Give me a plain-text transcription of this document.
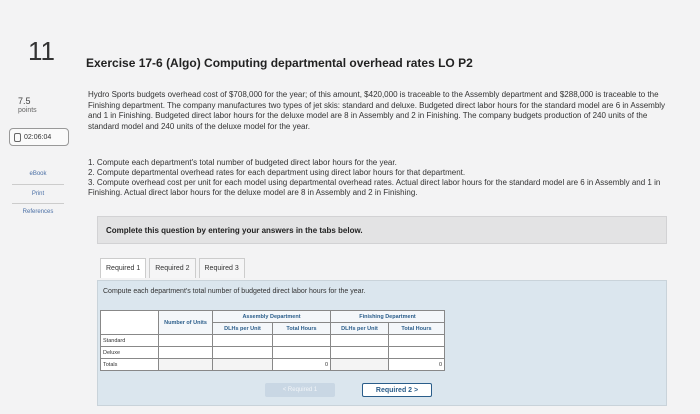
11
7.5
points
02:06:04
eBook
Print
References
Exercise 17-6 (Algo) Computing departmental overhead rates LO P2
Hydro Sports budgets overhead cost of $708,000 for the year; of this amount, $420,000 is traceable to the Assembly department and $288,000 is traceable to the Finishing department. The company manufactures two types of jet skis: standard and deluxe. Budgeted direct labor hours for the standard model are 6 in Assembly and 1 in Finishing. Budgeted direct labor hours for the deluxe model are 8 in Assembly and 2 in Finishing. The company budgets production of 240 units of the standard model and 240 units of the deluxe model for the year.
1. Compute each department's total number of budgeted direct labor hours for the year.
2. Compute departmental overhead rates for each department using direct labor hours for that department.
3. Compute overhead cost per unit for each model using departmental overhead rates. Actual direct labor hours for the standard model are 6 in Assembly and 1 in Finishing. Actual direct labor hours for the deluxe model are 8 in Assembly and 2 in Finishing.
Complete this question by entering your answers in the tabs below.
Required 1	Required 2	Required 3
Compute each department's total number of budgeted direct labor hours for the year.
	Number of Units	Assembly Department		Finishing Department	
		DLHs per Unit	Total Hours	DLHs per Unit	Total Hours
Standard					
Deluxe					
Totals			0		0
< Required 1	Required 2 >
